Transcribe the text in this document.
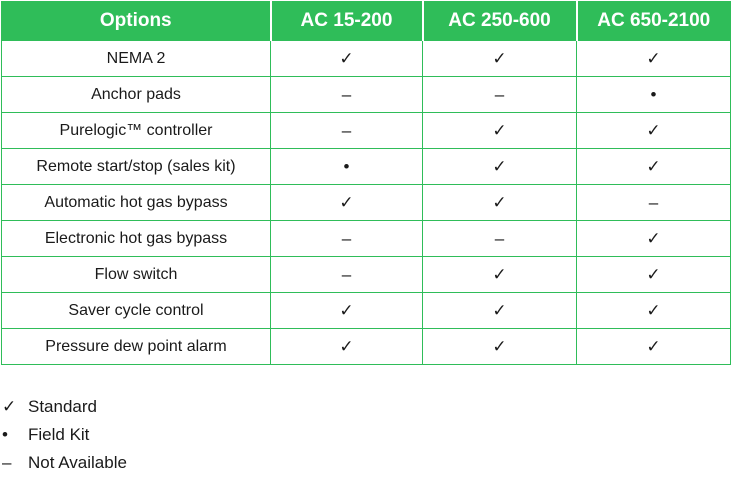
Options	AC 15-200	AC 250-600	AC 650-2100
NEMA 2	✓	✓	✓
Anchor pads	–	–	•
Purelogic™ controller	–	✓	✓
Remote start/stop (sales kit)	•	✓	✓
Automatic hot gas bypass	✓	✓	–
Electronic hot gas bypass	–	–	✓
Flow switch	–	✓	✓
Saver cycle control	✓	✓	✓
Pressure dew point alarm	✓	✓	✓
✓ Standard
•	Field Kit
– Not Available
